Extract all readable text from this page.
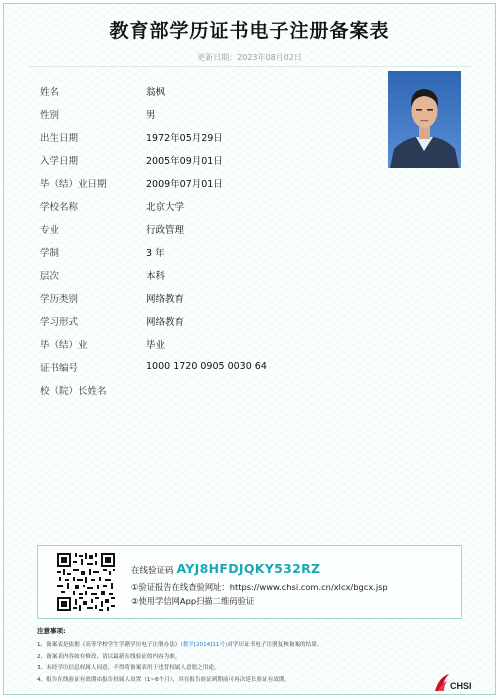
教育部学历证书电子注册备案表
更新日期：2023年08月02日
姓名	翁枫
性别	男
出生日期	1972年05月29日
入学日期	2005年09月01日
毕（结）业日期	2009年07月01日
学校名称	北京大学
专业	行政管理
学制	3 年
层次	本科
学历类别	网络教育
学习形式	网络教育
毕（结）业	毕业
证书编号	1000 1720 0905 0030 64
校（院）长姓名
在线验证码 AYJ8HFDJQKY532RZ
①验证报告在线查验网址：https://www.chsi.com.cn/xlcx/bgcx.jsp
②使用学信网App扫描二维码验证
注意事项:
1、备案表是依据《高等学校学生学籍学历电子注册办法》(教学[2014]11号)对学历证书电子注册复核备案的结果。
2、备案表内容如有修改，请以最新在线验证的内容为准。
3、未经学历信息权属人同意，不得将备案表用于违背权属人意愿之用途。
4、报告在线验证有效期由报告权属人设置（1~6个月），其在报告验证到期前可再次延长验证有效期。
CHSI
